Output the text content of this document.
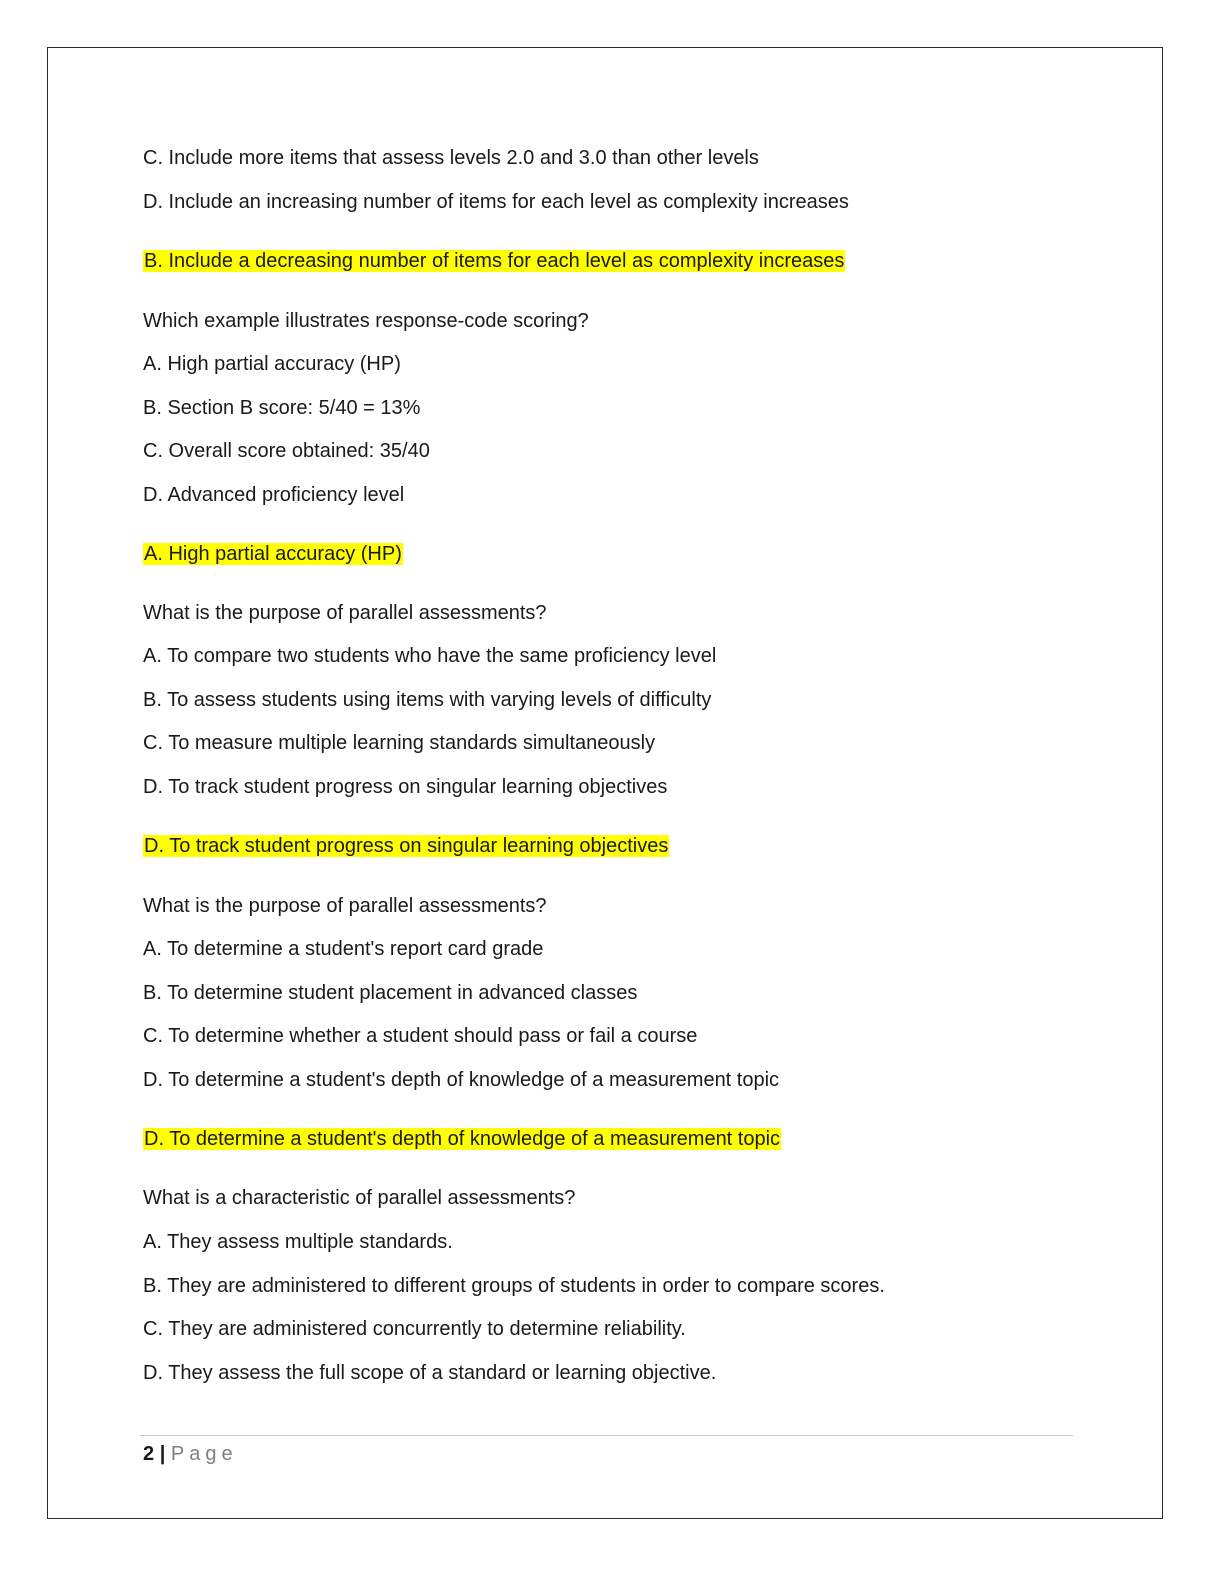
C. Include more items that assess levels 2.0 and 3.0 than other levels
D. Include an increasing number of items for each level as complexity increases
B. Include a decreasing number of items for each level as complexity increases
Which example illustrates response-code scoring?
A. High partial accuracy (HP)
B. Section B score: 5/40 = 13%
C. Overall score obtained: 35/40
D. Advanced proficiency level
A. High partial accuracy (HP)
What is the purpose of parallel assessments?
A. To compare two students who have the same proficiency level
B. To assess students using items with varying levels of difficulty
C. To measure multiple learning standards simultaneously
D. To track student progress on singular learning objectives
D. To track student progress on singular learning objectives
What is the purpose of parallel assessments?
A. To determine a student's report card grade
B. To determine student placement in advanced classes
C. To determine whether a student should pass or fail a course
D. To determine a student's depth of knowledge of a measurement topic
D. To determine a student's depth of knowledge of a measurement topic
What is a characteristic of parallel assessments?
A. They assess multiple standards.
B. They are administered to different groups of students in order to compare scores.
C. They are administered concurrently to determine reliability.
D. They assess the full scope of a standard or learning objective.
2 | Page
